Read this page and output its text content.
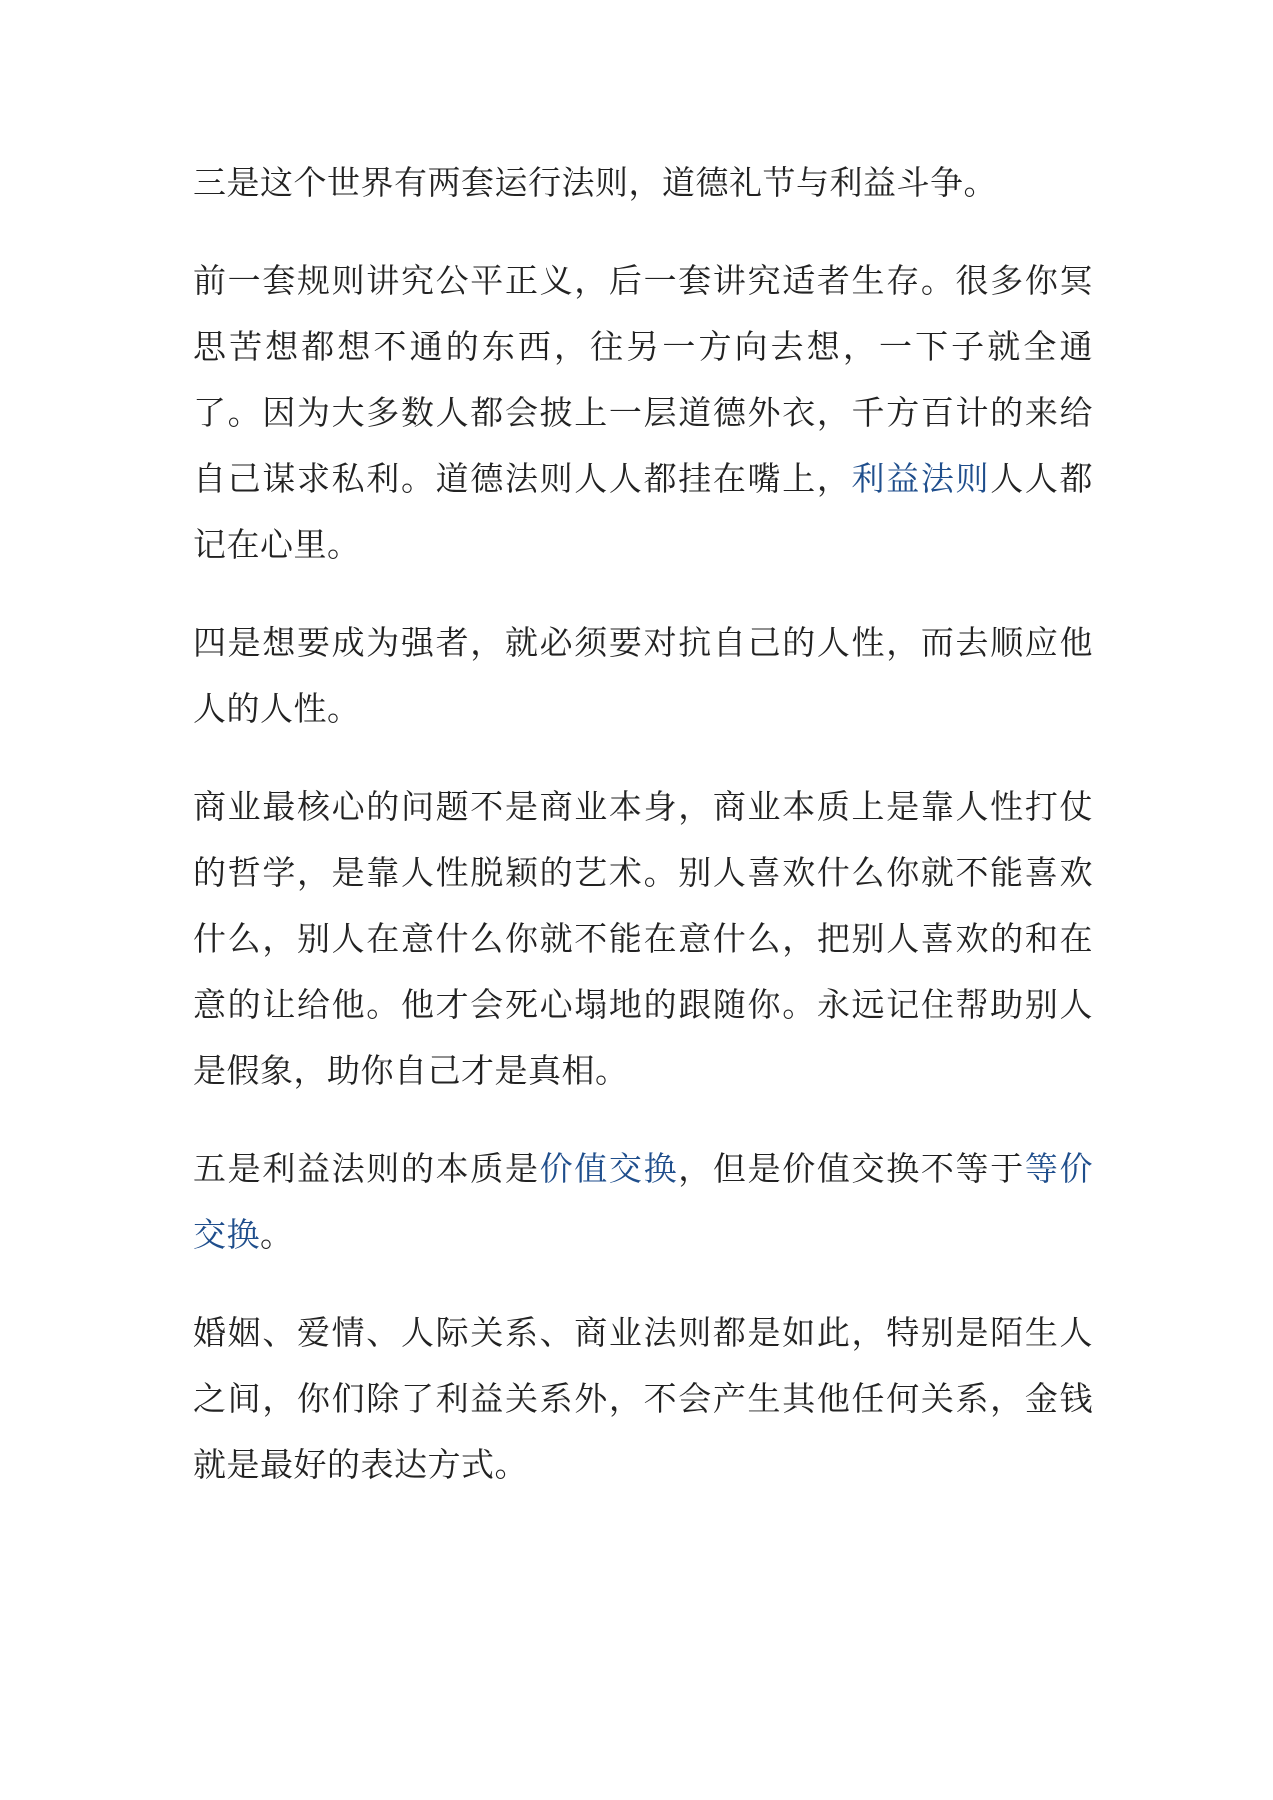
三是这个世界有两套运行法则，道德礼节与利益斗争。

前一套规则讲究公平正义，后一套讲究适者生存。很多你冥思苦想都想不通的东西，往另一方向去想，一下子就全通了。因为大多数人都会披上一层道德外衣，千方百计的来给自己谋求私利。道德法则人人都挂在嘴上，利益法则人人都记在心里。

四是想要成为强者，就必须要对抗自己的人性，而去顺应他人的人性。

商业最核心的问题不是商业本身，商业本质上是靠人性打仗的哲学，是靠人性脱颖的艺术。别人喜欢什么你就不能喜欢什么，别人在意什么你就不能在意什么，把别人喜欢的和在意的让给他。他才会死心塌地的跟随你。永远记住帮助别人是假象，助你自己才是真相。

五是利益法则的本质是价值交换，但是价值交换不等于等价交换。

婚姻、爱情、人际关系、商业法则都是如此，特别是陌生人之间，你们除了利益关系外，不会产生其他任何关系，金钱就是最好的表达方式。
